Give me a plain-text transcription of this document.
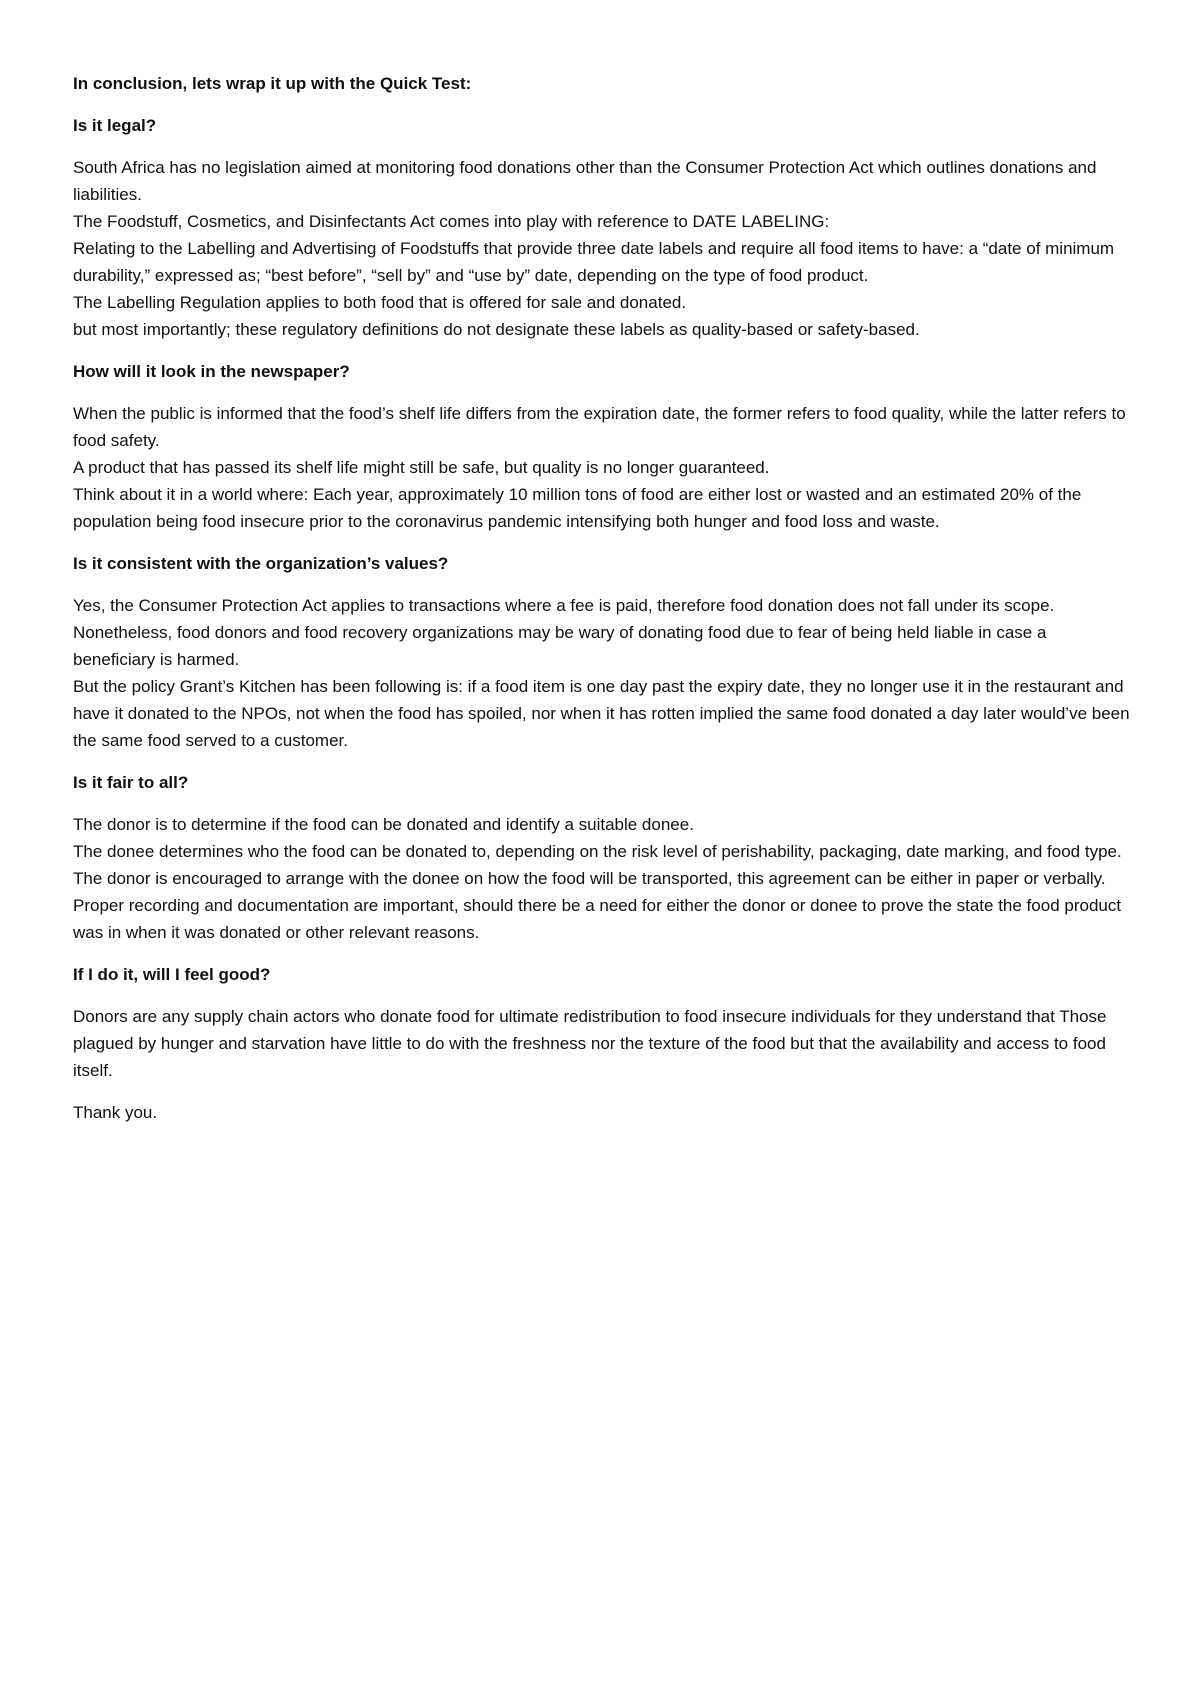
In conclusion, lets wrap it up with the Quick Test:
Is it legal?
South Africa has no legislation aimed at monitoring food donations other than the Consumer Protection Act which outlines donations and liabilities.
The Foodstuff, Cosmetics, and Disinfectants Act comes into play with reference to DATE LABELING:
Relating to the Labelling and Advertising of Foodstuffs that provide three date labels and require all food items to have: a “date of minimum durability,” expressed as; “best before”, “sell by” and “use by” date, depending on the type of food product.
The Labelling Regulation applies to both food that is offered for sale and donated.
but most importantly; these regulatory definitions do not designate these labels as quality-based or safety-based.
How will it look in the newspaper?
When the public is informed that the food’s shelf life differs from the expiration date, the former refers to food quality, while the latter refers to food safety.
A product that has passed its shelf life might still be safe, but quality is no longer guaranteed.
Think about it in a world where: Each year, approximately 10 million tons of food are either lost or wasted and an estimated 20% of the population being food insecure prior to the coronavirus pandemic intensifying both hunger and food loss and waste.
Is it consistent with the organization’s values?
Yes, the Consumer Protection Act applies to transactions where a fee is paid, therefore food donation does not fall under its scope.
Nonetheless, food donors and food recovery organizations may be wary of donating food due to fear of being held liable in case a beneficiary is harmed.
But the policy Grant’s Kitchen has been following is: if a food item is one day past the expiry date, they no longer use it in the restaurant and have it donated to the NPOs, not when the food has spoiled, nor when it has rotten implied the same food donated a day later would’ve been the same food served to a customer.
Is it fair to all?
The donor is to determine if the food can be donated and identify a suitable donee.
The donee determines who the food can be donated to, depending on the risk level of perishability, packaging, date marking, and food type.
The donor is encouraged to arrange with the donee on how the food will be transported, this agreement can be either in paper or verbally.
Proper recording and documentation are important, should there be a need for either the donor or donee to prove the state the food product was in when it was donated or other relevant reasons.
If I do it, will I feel good?
Donors are any supply chain actors who donate food for ultimate redistribution to food insecure individuals for they understand that Those plagued by hunger and starvation have little to do with the freshness nor the texture of the food but that the availability and access to food itself.
Thank you.
